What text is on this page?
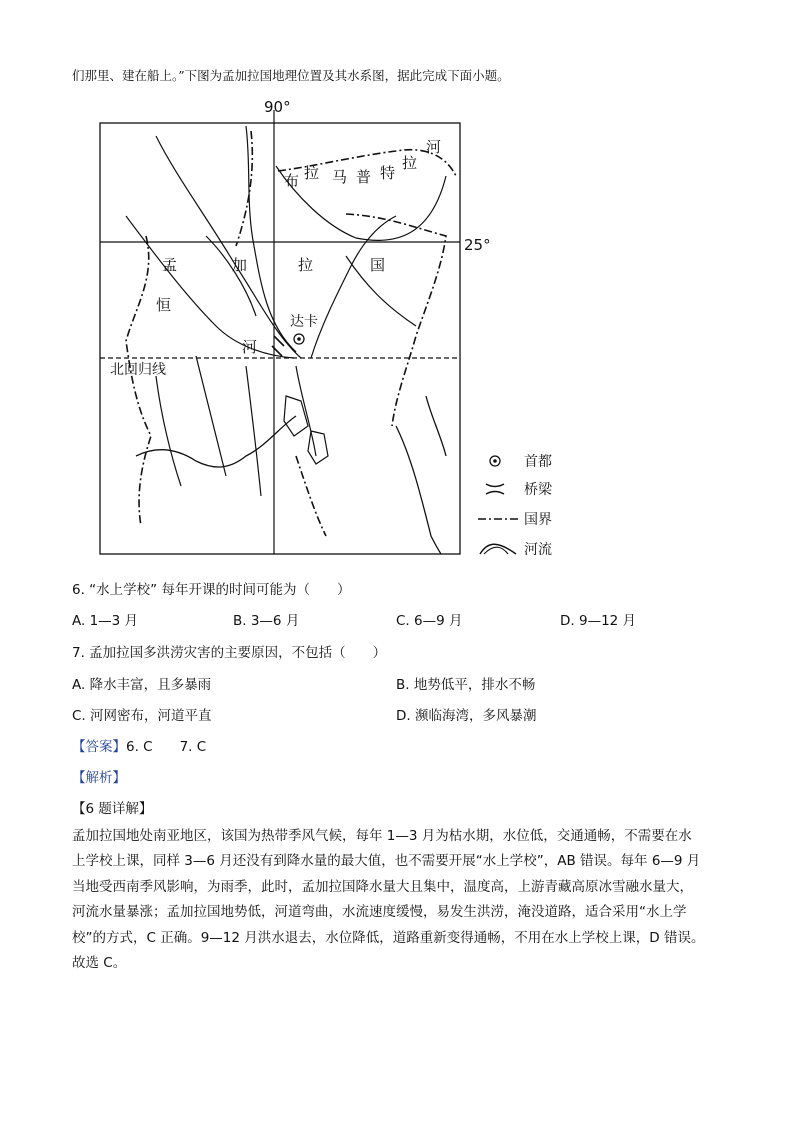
们那里、建在船上。”下图为孟加拉国地理位置及其水系图，据此完成下面小题。
90°
25°
北回归线
布 拉 马 普 特
拉
河
孟	加	拉	国
恒
河
达卡
首都
桥梁
国界
河流
6. “水上学校” 每年开课的时间可能为（　　）
A. 1—3 月	B. 3—6 月	C. 6—9 月	D. 9—12 月
7. 孟加拉国多洪涝灾害的主要原因，不包括（　　）
A. 降水丰富，且多暴雨	B. 地势低平，排水不畅
C. 河网密布，河道平直	D. 濒临海湾，多风暴潮
【答案】6. C　　7. C
【解析】
【6 题详解】

孟加拉国地处南亚地区，该国为热带季风气候，每年 1—3 月为枯水期，水位低，交通通畅，不需要在水

上学校上课，同样 3—6 月还没有到降水量的最大值，也不需要开展“水上学校”，AB 错误。每年 6—9 月

当地受西南季风影响，为雨季，此时，孟加拉国降水量大且集中，温度高，上游青藏高原冰雪融水量大，

河流水量暴涨；孟加拉国地势低，河道弯曲，水流速度缓慢，易发生洪涝，淹没道路，适合采用“水上学

校”的方式，C 正确。9—12 月洪水退去，水位降低，道路重新变得通畅，不用在水上学校上课，D 错误。

故选 C。
